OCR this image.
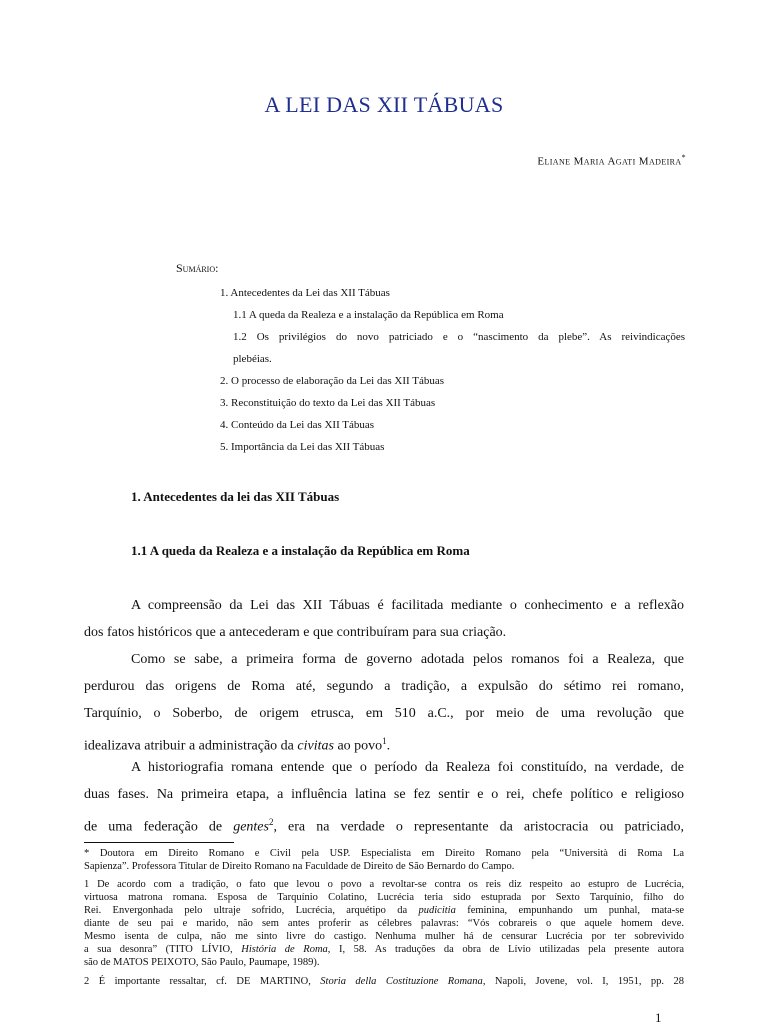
A LEI DAS XII TÁBUAS
Eliane Maria Agati Madeira*
Sumário:
1. Antecedentes da Lei das XII Tábuas
1.1 A queda da Realeza e a instalação da República em Roma
1.2 Os privilégios do novo patriciado e o “nascimento da plebe”. As reivindicações
plebéias.
2. O processo de elaboração da Lei das XII Tábuas
3. Reconstituição do texto da Lei das XII Tábuas
4. Conteúdo da Lei das XII Tábuas
5. Importância da Lei das XII Tábuas
1. Antecedentes da lei das XII Tábuas
1.1 A queda da Realeza e a instalação da República em Roma
A compreensão da Lei das XII Tábuas é facilitada mediante o conhecimento e a reflexão
dos fatos históricos que a antecederam e que contribuíram para sua criação.
Como se sabe, a primeira forma de governo adotada pelos romanos foi a Realeza, que
perdurou das origens de Roma até, segundo a tradição, a expulsão do sétimo rei romano,
Tarquínio, o Soberbo, de origem etrusca, em 510 a.C., por meio de uma revolução que
idealizava atribuir a administração da civitas ao povo$^1$.
A historiografia romana entende que o período da Realeza foi constituído, na verdade, de
duas fases. Na primeira etapa, a influência latina se fez sentir e o rei, chefe político e religioso
de uma federação de gentes$^2$, era na verdade o representante da aristocracia ou patriciado,
* Doutora em Direito Romano e Civil pela USP. Especialista em Direito Romano pela “Università di Roma La
Sapienza”. Professora Titular de Direito Romano na Faculdade de Direito de São Bernardo do Campo.
1 De acordo com a tradição, o fato que levou o povo a revoltar-se contra os reis diz respeito ao estupro de Lucrécia,
virtuosa matrona romana. Esposa de Tarquínio Colatino, Lucrécia teria sido estuprada por Sexto Tarquínio, filho do
Rei. Envergonhada pelo ultraje sofrido, Lucrécia, arquétipo da pudicitia feminina, empunhando um punhal, mata-se
diante de seu pai e marido, não sem antes proferir as célebres palavras: “Vós cobrareis o que aquele homem deve.
Mesmo isenta de culpa, não me sinto livre do castigo. Nenhuma mulher há de censurar Lucrécia por ter sobrevivido
a sua desonra” (TITO LÍVIO, História de Roma, I, 58. As traduções da obra de Lívio utilizadas pela presente autora
são de MATOS PEIXOTO, São Paulo, Paumape, 1989).
2 É importante ressaltar, cf. DE MARTINO, Storia della Costituzione Romana, Napoli, Jovene, vol. I, 1951, pp. 28
1
